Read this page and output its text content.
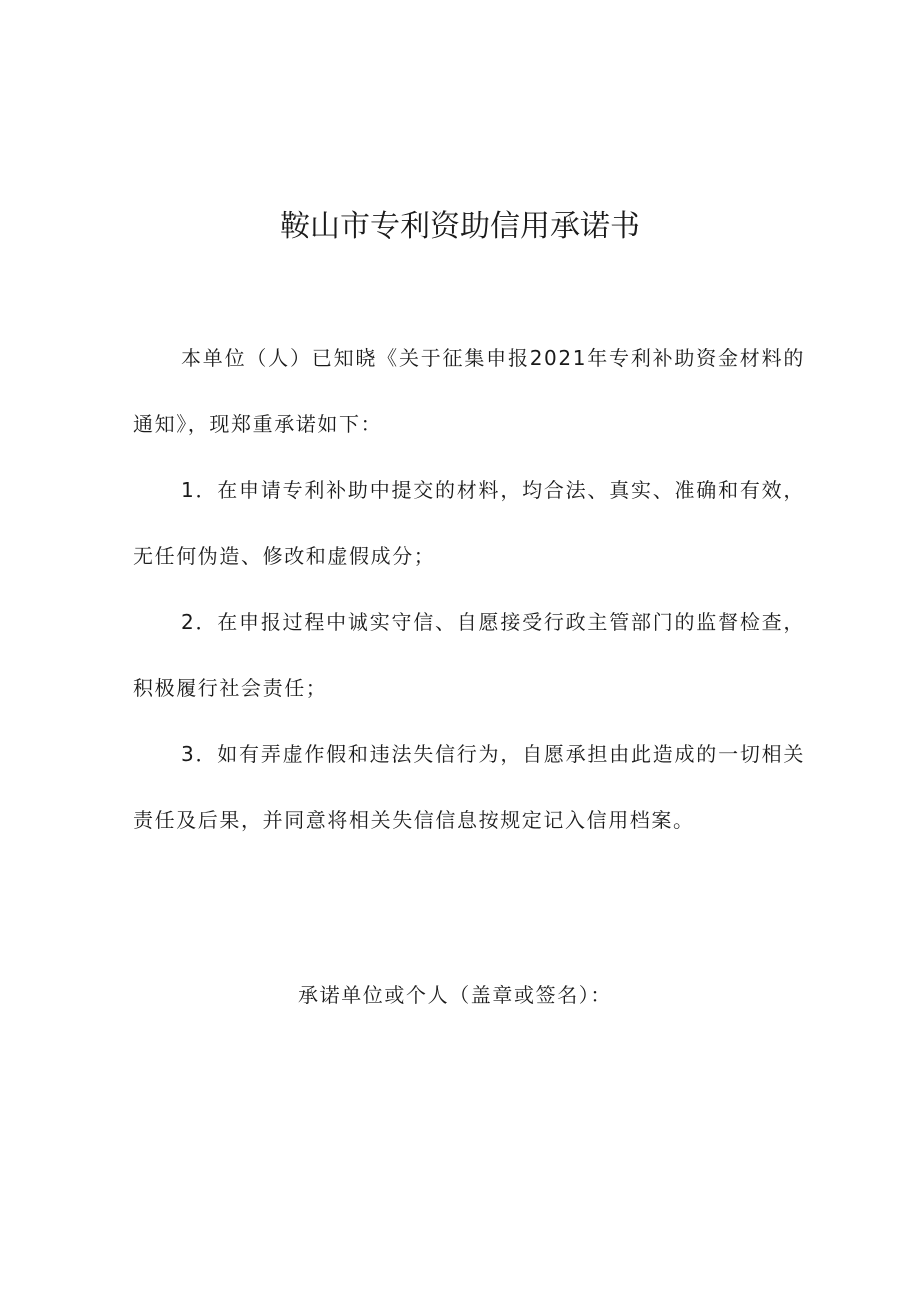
鞍山市专利资助信用承诺书

本单位（人）已知晓《关于征集申报2021年专利补助资金材料的通知》，现郑重承诺如下：

1．在申请专利补助中提交的材料，均合法、真实、准确和有效，无任何伪造、修改和虚假成分；

2．在申报过程中诚实守信、自愿接受行政主管部门的监督检查，积极履行社会责任；

3．如有弄虚作假和违法失信行为，自愿承担由此造成的一切相关责任及后果，并同意将相关失信信息按规定记入信用档案。

承诺单位或个人（盖章或签名）：
